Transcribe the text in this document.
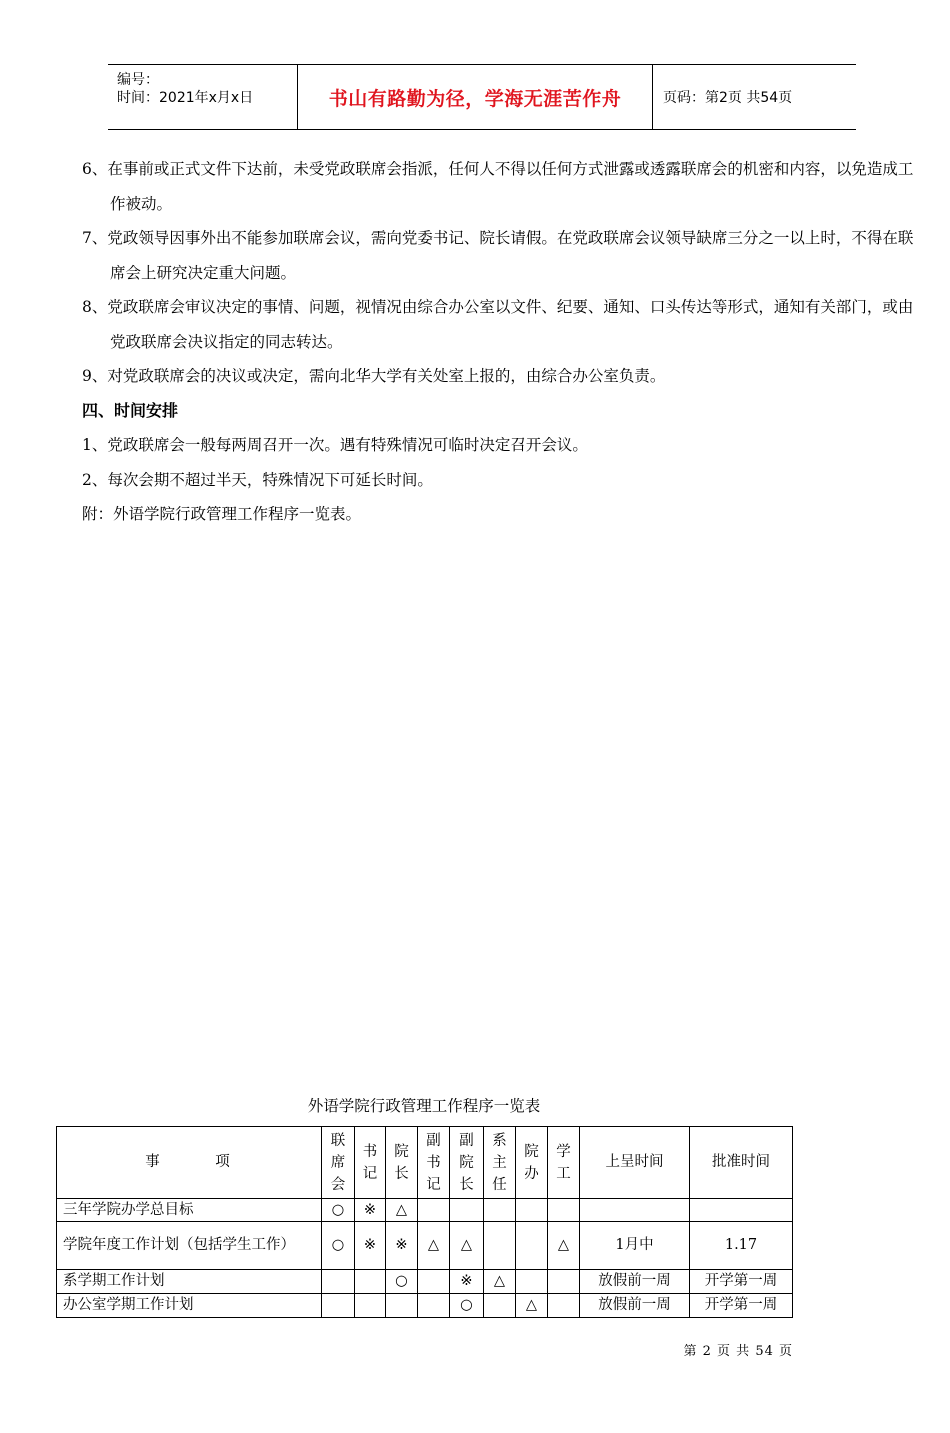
编号：
时间：2021年x月x日	书山有路勤为径，学海无涯苦作舟	页码：第2页 共54页

6、在事前或正式文件下达前，未受党政联席会指派，任何人不得以任何方式泄露或透露联席会的机密和内容，以免造成工作被动。

7、党政领导因事外出不能参加联席会议，需向党委书记、院长请假。在党政联席会议领导缺席三分之一以上时，不得在联席会上研究决定重大问题。

8、党政联席会审议决定的事情、问题，视情况由综合办公室以文件、纪要、通知、口头传达等形式，通知有关部门，或由党政联席会决议指定的同志转达。

9、对党政联席会的决议或决定，需向北华大学有关处室上报的，由综合办公室负责。

四、时间安排

1、党政联席会一般每两周召开一次。遇有特殊情况可临时决定召开会议。

2、每次会期不超过半天，特殊情况下可延长时间。

附：外语学院行政管理工作程序一览表。

外语学院行政管理工作程序一览表
事　　　项	联席会	书记	院长	副书记	副院长	系主任	院办	学工	上呈时间	批准时间
三年学院办学总目标	○	※	△							
学院年度工作计划（包括学生工作）	○	※	※	△	△			△	1月中	1.17
系学期工作计划			○		※	△			放假前一周	开学第一周
办公室学期工作计划					○		△		放假前一周	开学第一周
第 2 页 共 54 页
